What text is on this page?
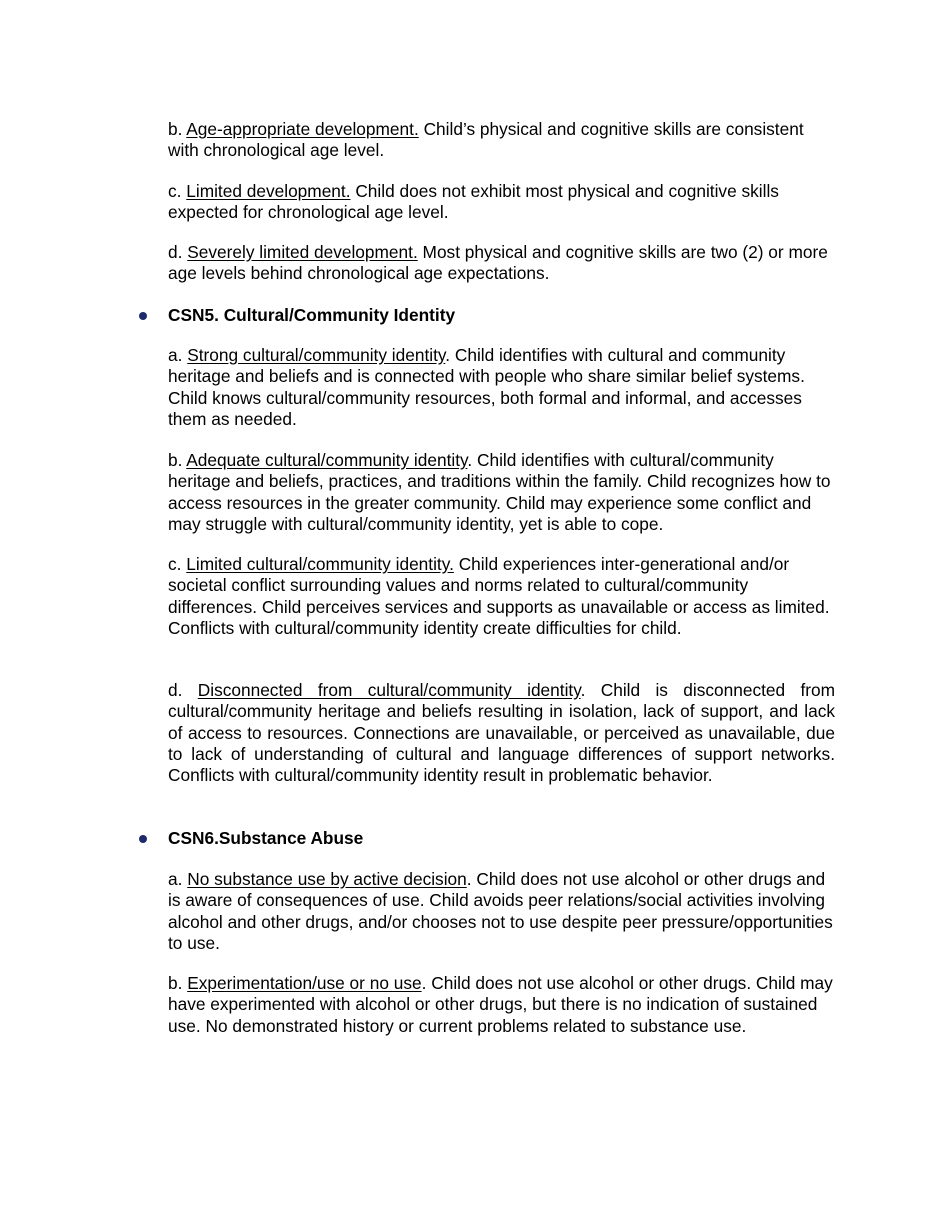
b. Age-appropriate development. Child’s physical and cognitive skills are consistent with chronological age level.

c. Limited development. Child does not exhibit most physical and cognitive skills expected for chronological age level.

d. Severely limited development. Most physical and cognitive skills are two (2) or more age levels behind chronological age expectations.

CSN5. Cultural/Community Identity

a. Strong cultural/community identity. Child identifies with cultural and community heritage and beliefs and is connected with people who share similar belief systems. Child knows cultural/community resources, both formal and informal, and accesses them as needed.

b. Adequate cultural/community identity. Child identifies with cultural/community heritage and beliefs, practices, and traditions within the family. Child recognizes how to access resources in the greater community. Child may experience some conflict and may struggle with cultural/community identity, yet is able to cope.

c. Limited cultural/community identity. Child experiences inter-generational and/or societal conflict surrounding values and norms related to cultural/community differences. Child perceives services and supports as unavailable or access as limited. Conflicts with cultural/community identity create difficulties for child.

d. Disconnected from cultural/community identity. Child is disconnected from cultural/community heritage and beliefs resulting in isolation, lack of support, and lack of access to resources. Connections are unavailable, or perceived as unavailable, due to lack of understanding of cultural and language differences of support networks. Conflicts with cultural/community identity result in problematic behavior.

CSN6.Substance Abuse

a. No substance use by active decision. Child does not use alcohol or other drugs and is aware of consequences of use. Child avoids peer relations/social activities involving alcohol and other drugs, and/or chooses not to use despite peer pressure/opportunities to use.

b. Experimentation/use or no use. Child does not use alcohol or other drugs. Child may have experimented with alcohol or other drugs, but there is no indication of sustained use. No demonstrated history or current problems related to substance use.
